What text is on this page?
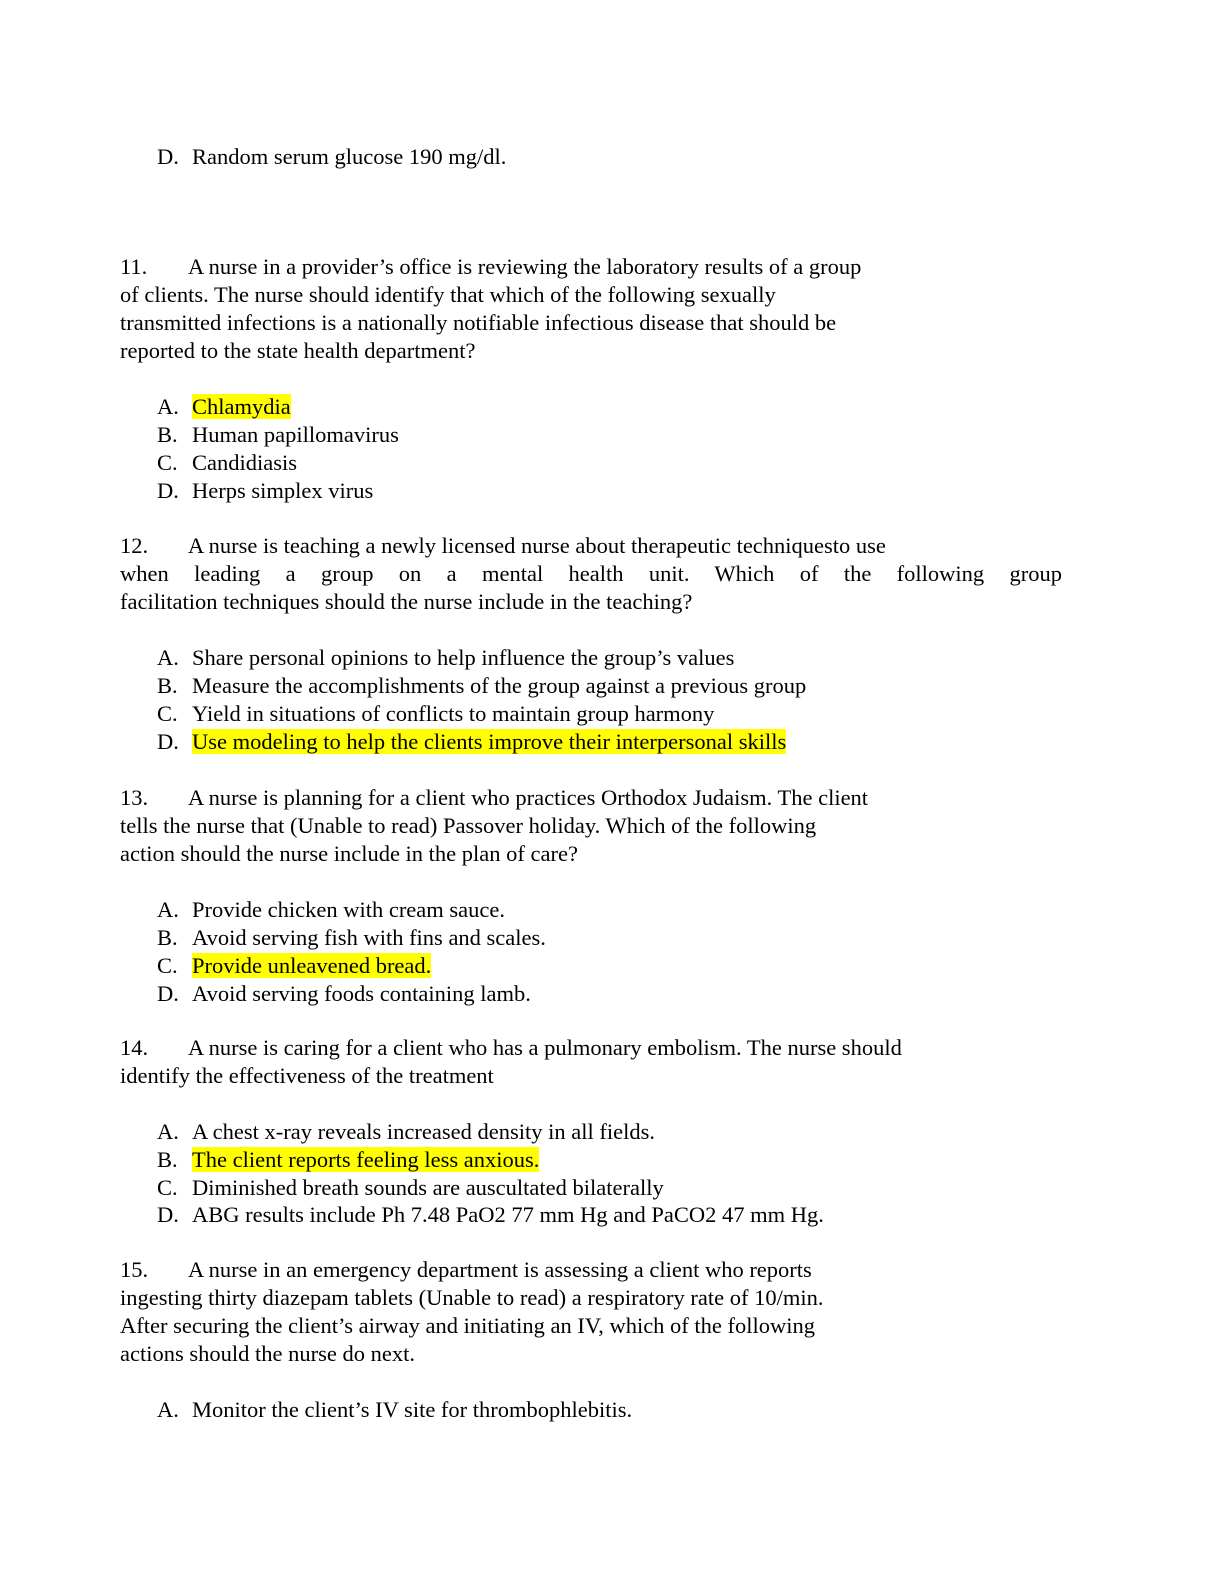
D. Random serum glucose 190 mg/dl.
11. A nurse in a provider’s office is reviewing the laboratory results of a group
of clients. The nurse should identify that which of the following sexually
transmitted infections is a nationally notifiable infectious disease that should be
reported to the state health department?
A. Chlamydia
B. Human papillomavirus
C. Candidiasis
D. Herps simplex virus
12. A nurse is teaching a newly licensed nurse about therapeutic techniquesto use
when leading a group on a mental health unit. Which of the following group
facilitation techniques should the nurse include in the teaching?
A. Share personal opinions to help influence the group’s values
B. Measure the accomplishments of the group against a previous group
C. Yield in situations of conflicts to maintain group harmony
D. Use modeling to help the clients improve their interpersonal skills
13. A nurse is planning for a client who practices Orthodox Judaism. The client
tells the nurse that (Unable to read) Passover holiday. Which of the following
action should the nurse include in the plan of care?
A. Provide chicken with cream sauce.
B. Avoid serving fish with fins and scales.
C. Provide unleavened bread.
D. Avoid serving foods containing lamb.
14. A nurse is caring for a client who has a pulmonary embolism. The nurse should
identify the effectiveness of the treatment
A. A chest x-ray reveals increased density in all fields.
B. The client reports feeling less anxious.
C. Diminished breath sounds are auscultated bilaterally
D. ABG results include Ph 7.48 PaO2 77 mm Hg and PaCO2 47 mm Hg.
15. A nurse in an emergency department is assessing a client who reports
ingesting thirty diazepam tablets (Unable to read) a respiratory rate of 10/min.
After securing the client’s airway and initiating an IV, which of the following
actions should the nurse do next.
A. Monitor the client’s IV site for thrombophlebitis.
